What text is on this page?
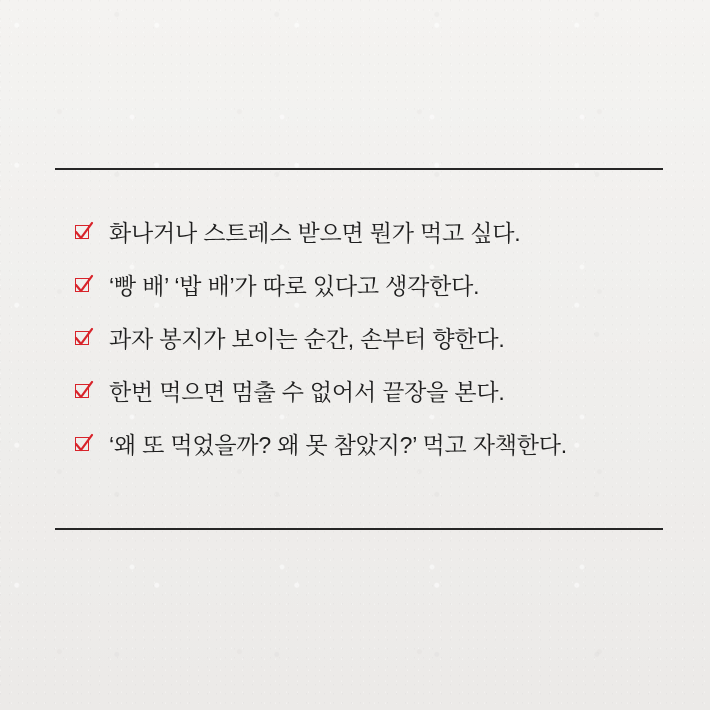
화나거나 스트레스 받으면 뭔가 먹고 싶다.
‘빵 배’ ‘밥 배’가 따로 있다고 생각한다.
과자 봉지가 보이는 순간, 손부터 향한다.
한번 먹으면 멈출 수 없어서 끝장을 본다.
‘왜 또 먹었을까? 왜 못 참았지?’ 먹고 자책한다.
